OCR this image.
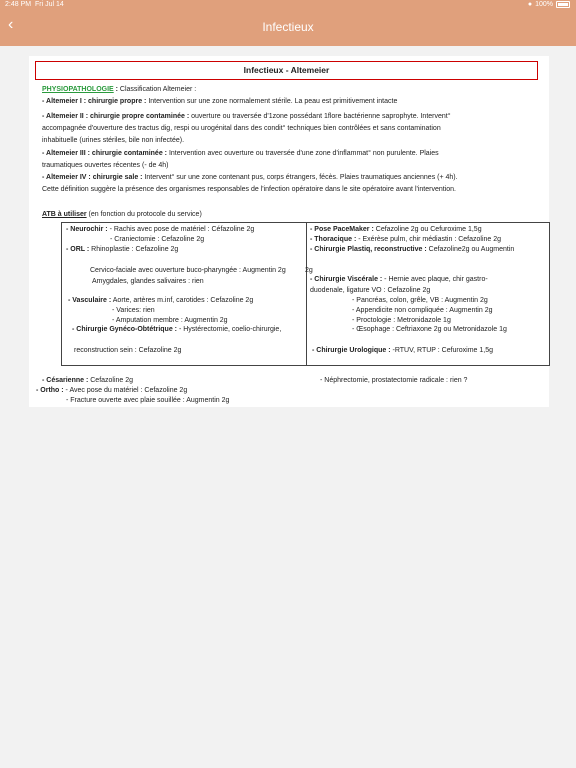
2:48 PM Fri Jul 14	● 100%
‹	Infectieux
Infectieux - Altemeier
PHYSIOPATHOLOGIE : Classification Altemeier :
- Altemeier I : chirurgie propre : Intervention sur une zone normalement stérile. La peau est primitivement intacte
- Altemeier II : chirurgie propre contaminée : ouverture ou traversée d'1zone possédant 1flore bactérienne saprophyte. Intervent°
accompagnée d'ouverture des tractus dig, respi ou urogénital dans des condit° techniques bien contrôlées et sans contamination
inhabituelle (urines stériles, bile non infectée).
- Altemeier III : chirurgie contaminée : Intervention avec ouverture ou traversée d'une zone d'inflammat° non purulente. Plaies
traumatiques ouvertes récentes (- de 4h)
- Altemeier IV : chirurgie sale : Intervent° sur une zone contenant pus, corps étrangers, fécès. Plaies traumatiques anciennes (+ 4h).
Cette définition suggère la présence des organismes responsables de l'infection opératoire dans le site opératoire avant l'intervention.
ATB à utiliser (en fonction du protocole du service)
- Neurochir : - Rachis avec pose de matériel : Céfazoline 2g
- Craniectomie : Cefazoline 2g
- ORL : Rhinoplastie : Cefazoline 2g
Cervico-faciale avec ouverture buco-pharyngée : Augmentin 2g	2g
Amygdales, glandes salivaires : rien
- Vasculaire : Aorte, artères m.inf, carotides : Cefazoline 2g
- Varices: rien
- Amputation membre : Augmentin 2g
- Chirurgie Gynéco-Obtétrique : - Hystérectomie, coelio-chirurgie,
reconstruction sein : Cefazoline 2g
- Pose PaceMaker : Cefazoline 2g ou Cefuroxime 1,5g
- Thoracique : - Exérèse pulm, chir médiastin : Cefazoline 2g
- Chirurgie Plastiq, reconstructive : Cefazoline2g ou Augmentin
- Chirurgie Viscérale : - Hernie avec plaque, chir gastro-
duodenale, ligature VO : Cefazoline 2g
- Pancréas, colon, grêle, VB : Augmentin 2g
- Appendicite non compliquée : Augmentin 2g
- Proctologie : Metronidazole 1g
- Œsophage : Ceftriaxone 2g ou Metronidazole 1g
- Chirurgie Urologique : -RTUV, RTUP : Cefuroxime 1,5g
- Césarienne : Cefazoline 2g	- Néphrectomie, prostatectomie radicale : rien ?
- Ortho : - Avec pose du matériel : Cefazoline 2g
- Fracture ouverte avec plaie souillée : Augmentin 2g
